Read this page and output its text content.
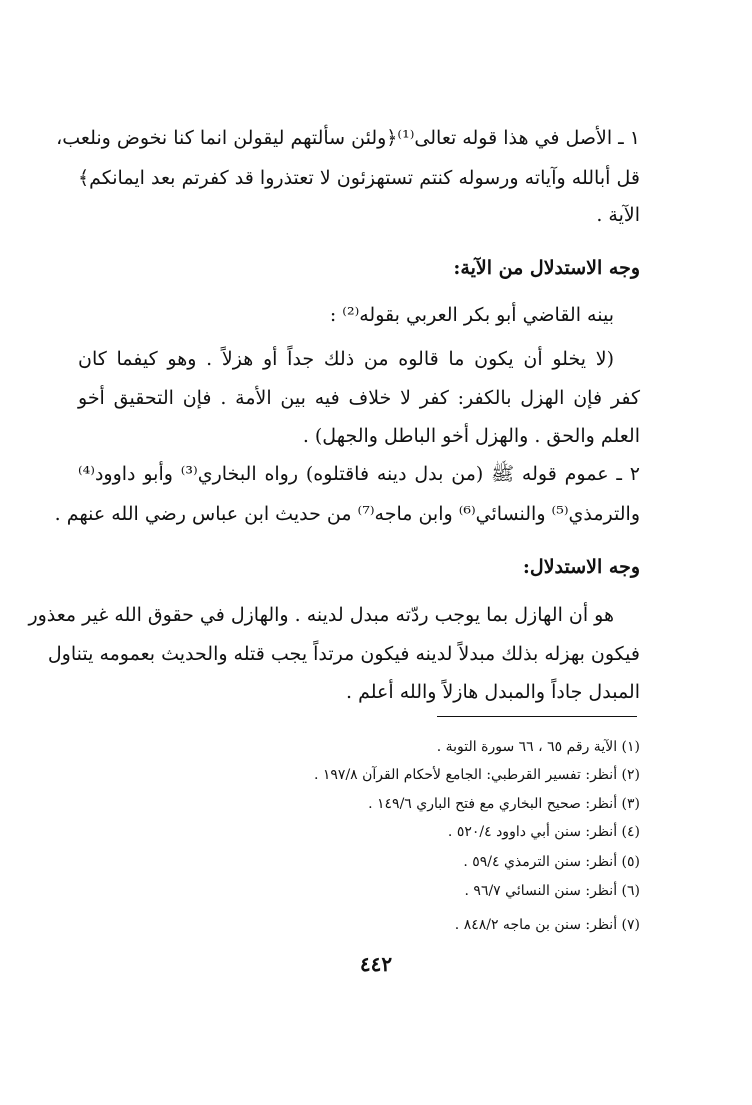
١ ـ الأصل في هذا قوله تعالى⁽¹⁾﴿ولئن سألتهم ليقولن انما كنا نخوض ونلعب،
قل أبالله وآياته ورسوله كنتم تستهزئون لا تعتذروا قد كفرتم بعد ايمانكم﴾
الآية .
وجه الاستدلال من الآية:
بينه القاضي أبو بكر العربي بقوله⁽²⁾ :
(لا يخلو أن يكون ما قالوه من ذلك جداً أو هزلاً . وهو كيفما كان
كفر فإن الهزل بالكفر: كفر لا خلاف فيه بين الأمة . فإن التحقيق أخو
العلم والحق . والهزل أخو الباطل والجهل) .
٢ ـ عموم قوله ﷺ (من بدل دينه فاقتلوه) رواه البخاري⁽³⁾ وأبو داوود⁽⁴⁾
والترمذي⁽⁵⁾ والنسائي⁽⁶⁾ وابن ماجه⁽⁷⁾ من حديث ابن عباس رضي الله عنهم .
وجه الاستدلال:
هو أن الهازل بما يوجب ردّته مبدل لدينه . والهازل في حقوق الله غير معذور
فيكون بهزله بذلك مبدلاً لدينه فيكون مرتداً يجب قتله والحديث بعمومه يتناول
المبدل جاداً والمبدل هازلاً والله أعلم .
(١) الآية رقم ٦٥ ، ٦٦ سورة التوبة .
(٢) أنظر: تفسير القرطبي: الجامع لأحكام القرآن ١٩٧/٨ .
(٣) أنظر: صحيح البخاري مع فتح الباري ١٤٩/٦ .
(٤) أنظر: سنن أبي داوود ٥٢٠/٤ .
(٥) أنظر: سنن الترمذي ٥٩/٤ .
(٦) أنظر: سنن النسائي ٩٦/٧ .
(٧) أنظر: سنن بن ماجه ٨٤٨/٢ .
٤٤٢
